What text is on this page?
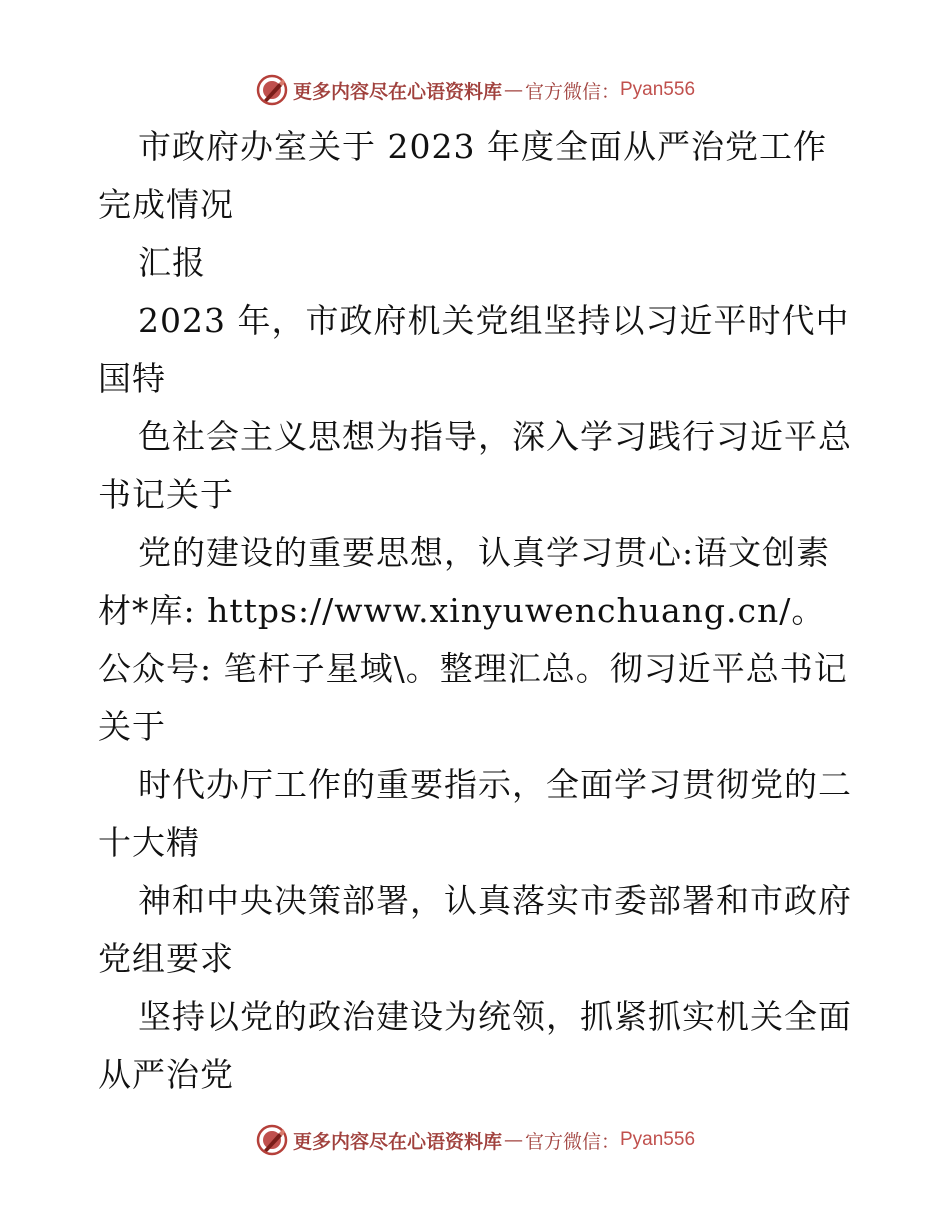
更多内容尽在心语资料库 — 官方微信： Pyan556

市政府办室关于 2023 年度全面从严治党工作完成情况

汇报

2023 年，市政府机关党组坚持以习近平时代中国特

色社会主义思想为指导，深入学习践行习近平总书记关于

党的建设的重要思想，认真学习贯心:语文创素材*库: https://www.xinyuwenchuang.cn/。公众号: 笔杆子星域\。整理汇总。彻习近平总书记关于

时代办厅工作的重要指示，全面学习贯彻党的二十大精

神和中央决策部署，认真落实市委部署和市政府党组要求

坚持以党的政治建设为统领，抓紧抓实机关全面从严治党

更多内容尽在心语资料库 — 官方微信： Pyan556
